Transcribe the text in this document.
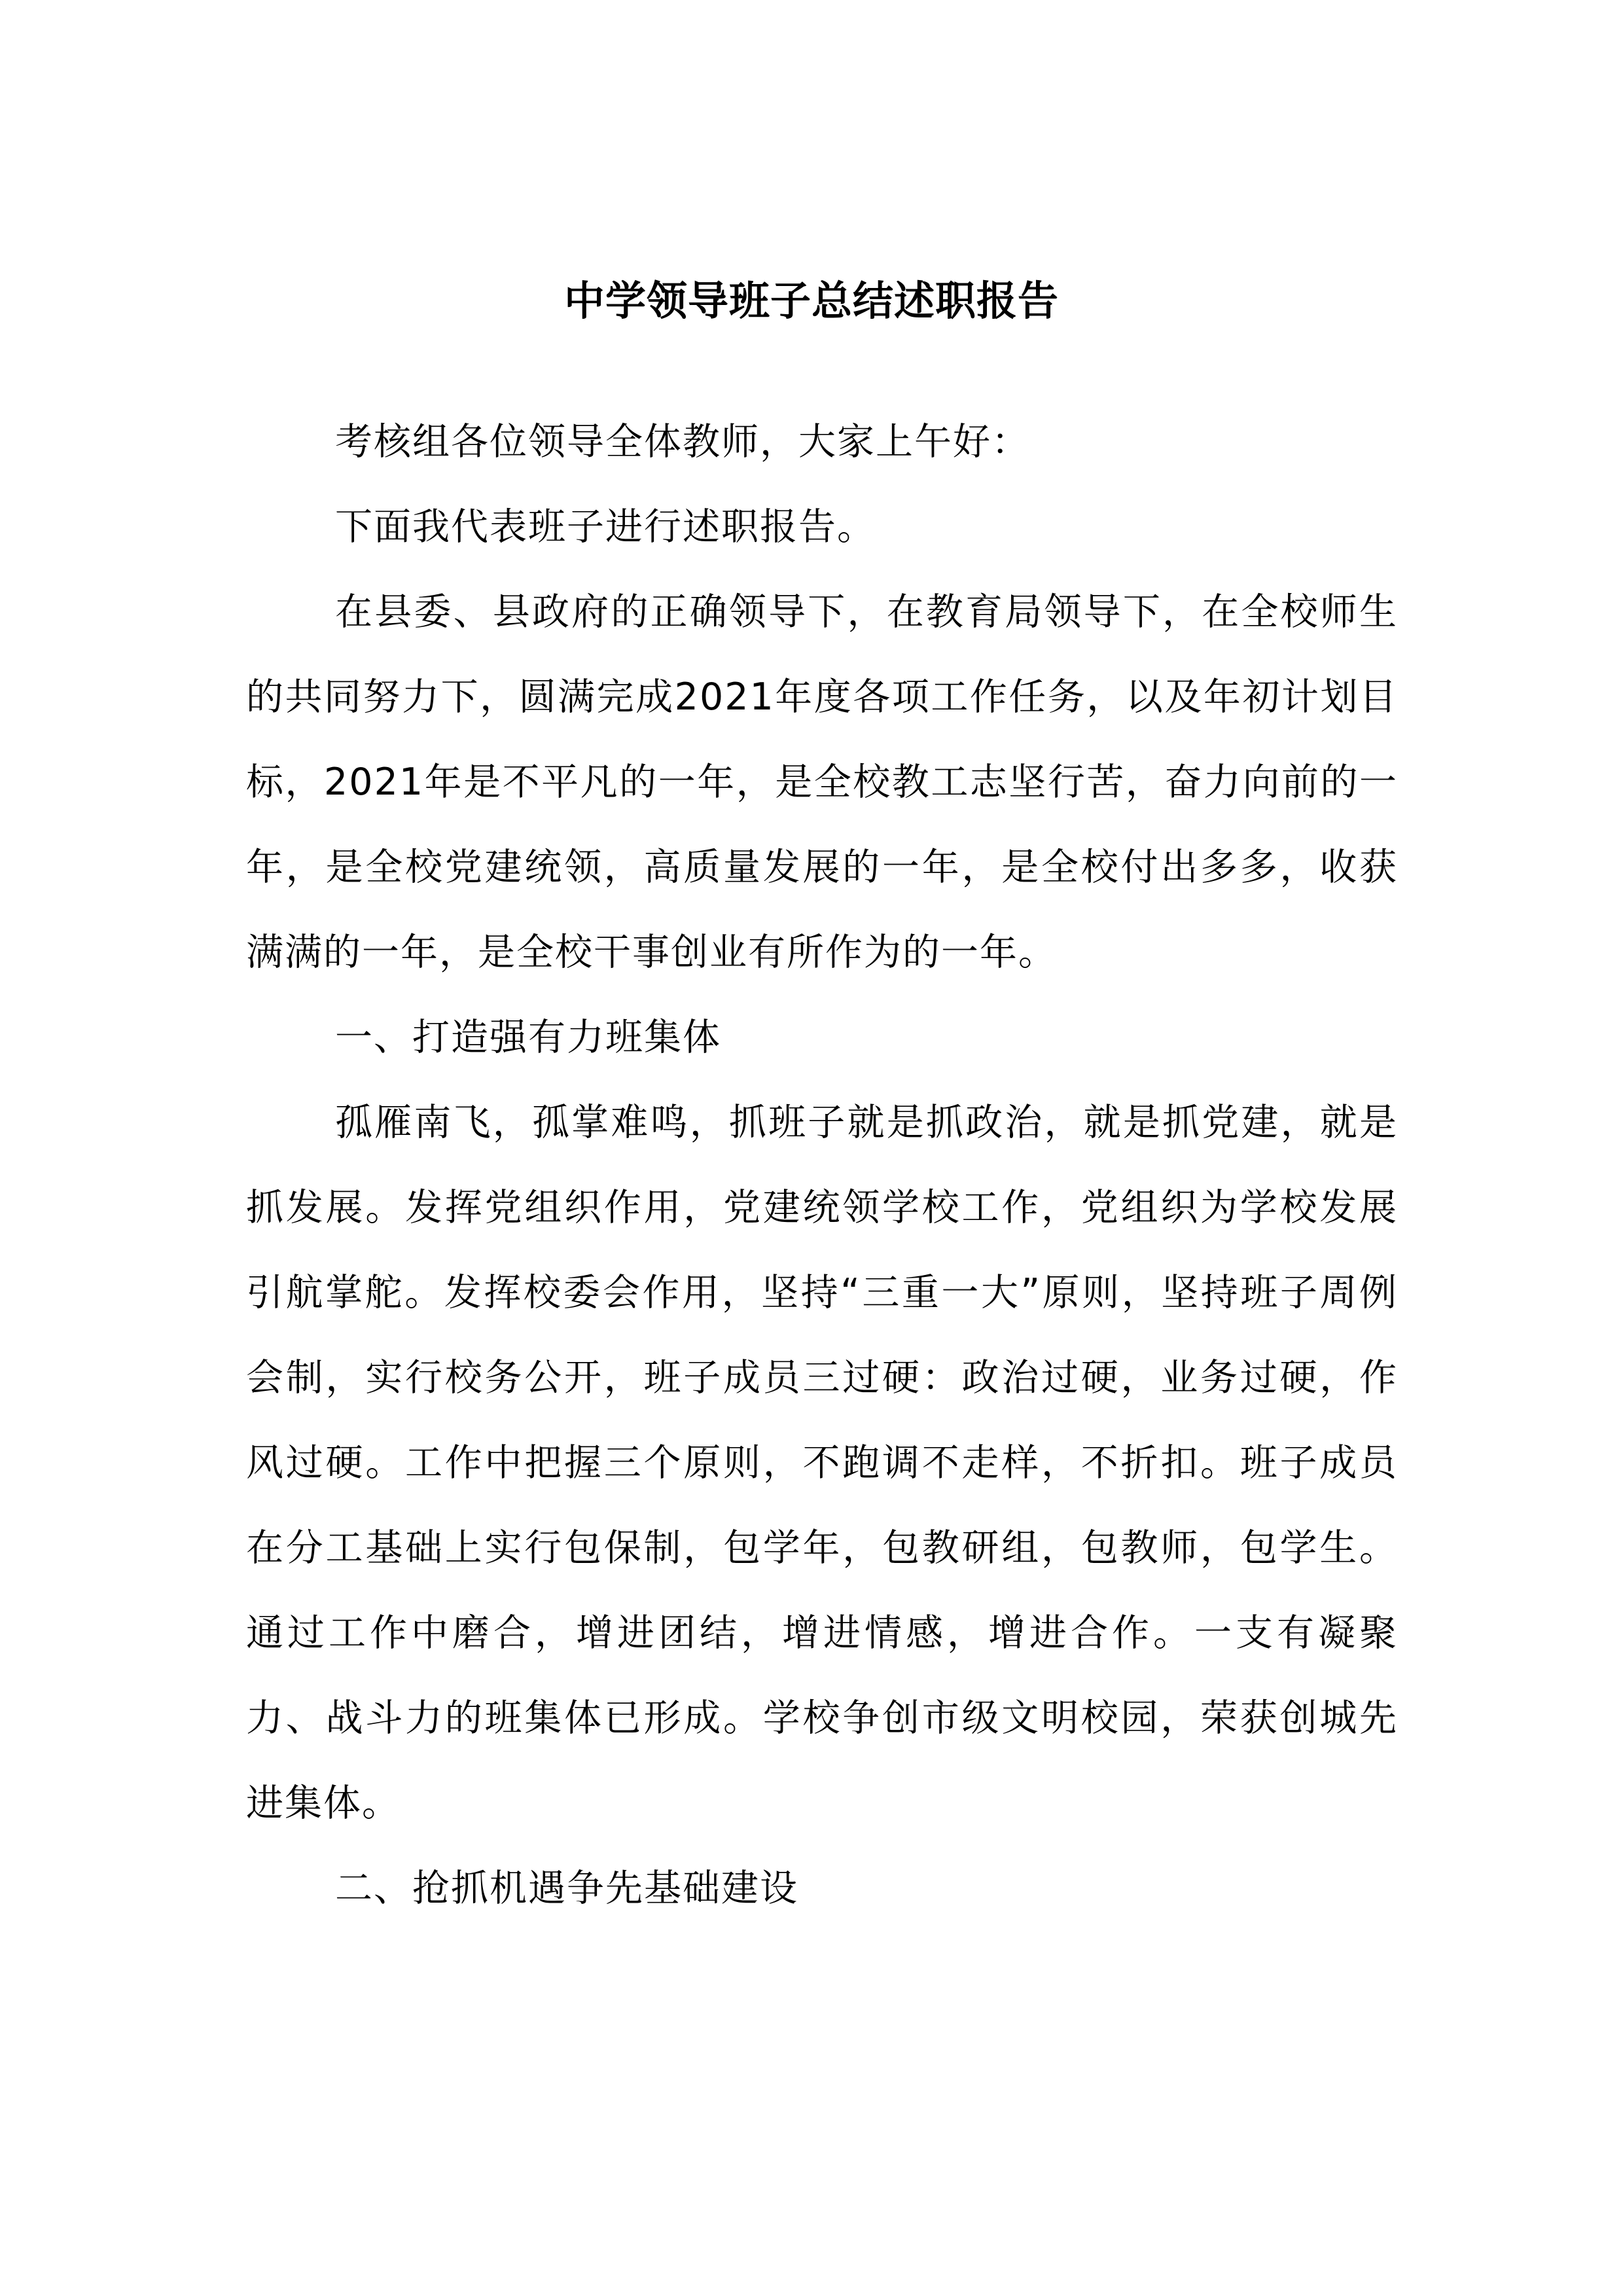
中学领导班子总结述职报告

考核组各位领导全体教师，大家上午好：

下面我代表班子进行述职报告。

在县委、县政府的正确领导下，在教育局领导下，在全校师生的共同努力下，圆满完成2021年度各项工作任务，以及年初计划目标，2021年是不平凡的一年，是全校教工志坚行苦，奋力向前的一年，是全校党建统领，高质量发展的一年，是全校付出多多，收获满满的一年，是全校干事创业有所作为的一年。

一、打造强有力班集体

孤雁南飞，孤掌难鸣，抓班子就是抓政治，就是抓党建，就是抓发展。发挥党组织作用，党建统领学校工作，党组织为学校发展引航掌舵。发挥校委会作用，坚持“三重一大”原则，坚持班子周例会制，实行校务公开，班子成员三过硬：政治过硬，业务过硬，作风过硬。工作中把握三个原则，不跑调不走样，不折扣。班子成员在分工基础上实行包保制，包学年，包教研组，包教师，包学生。通过工作中磨合，增进团结，增进情感，增进合作。一支有凝聚力、战斗力的班集体已形成。学校争创市级文明校园，荣获创城先进集体。

二、抢抓机遇争先基础建设
